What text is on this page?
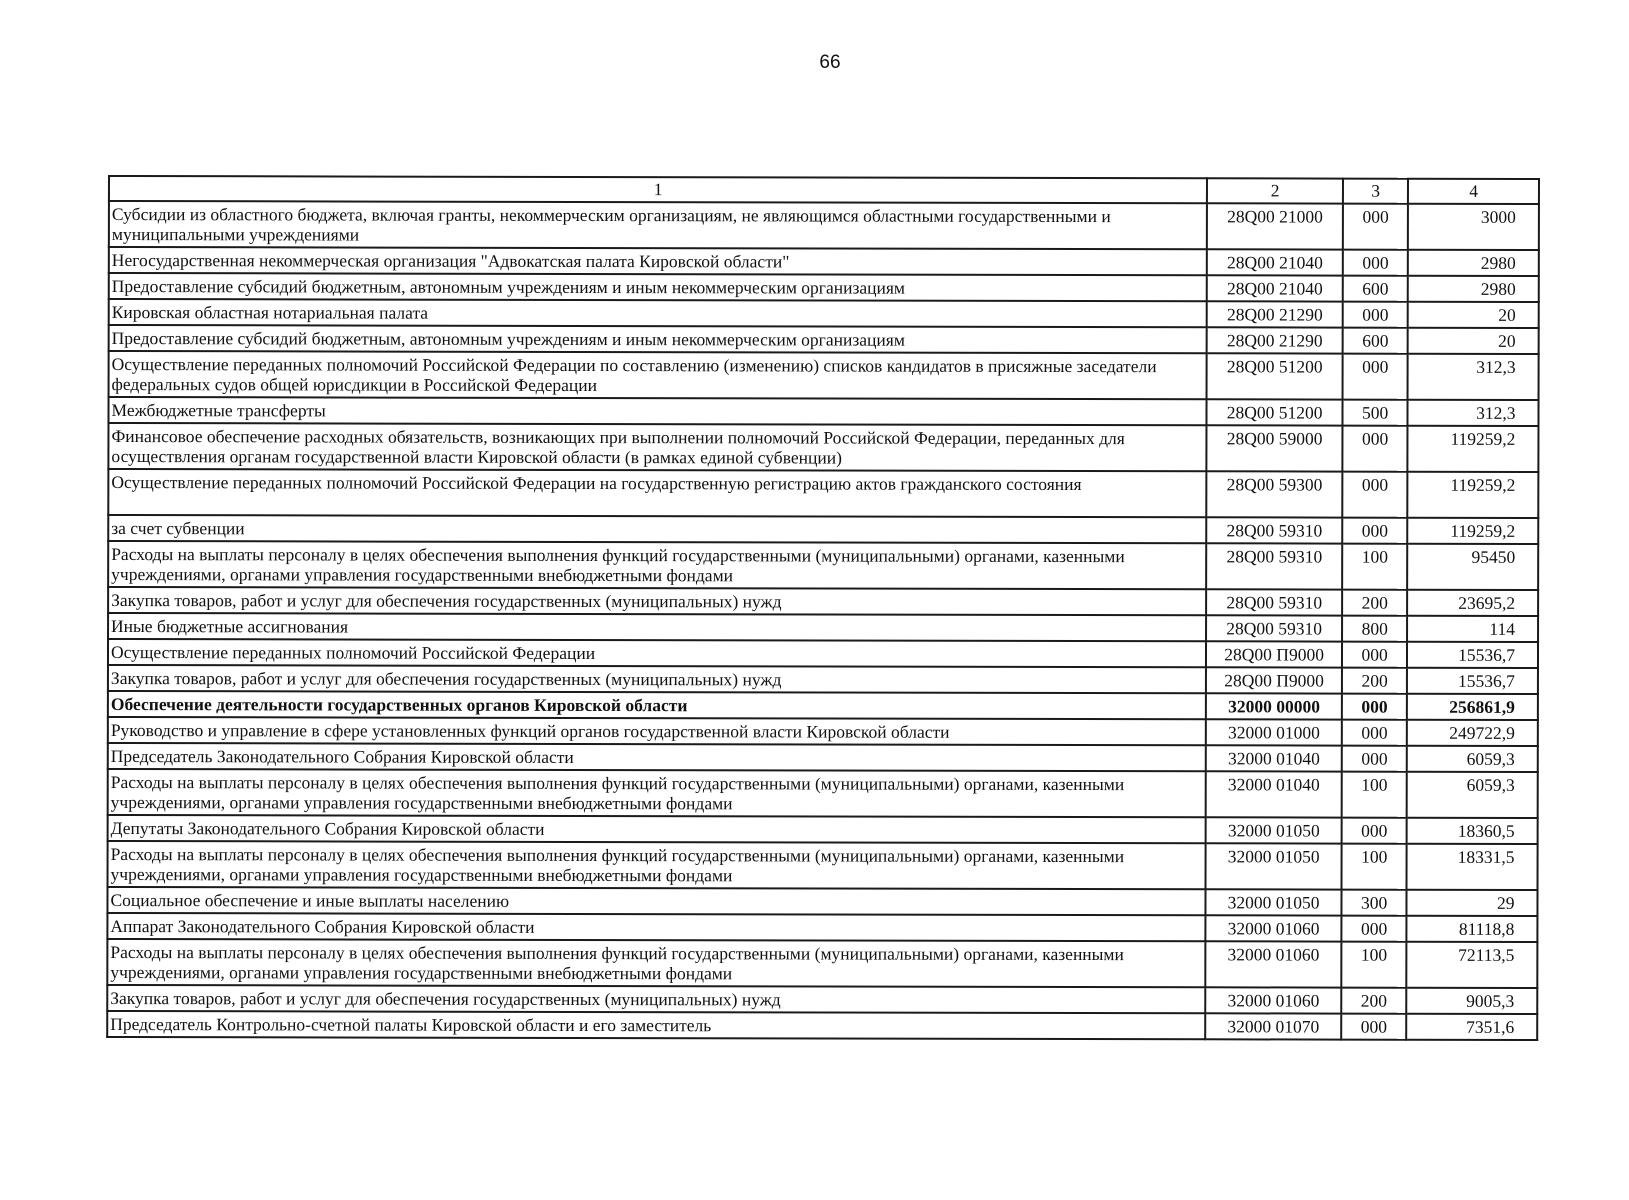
66
1	2	3	4
Субсидии из областного бюджета, включая гранты, некоммерческим организациям, не являющимся областными государственными и муниципальными учреждениями	28Q00 21000	000	3000
Негосударственная некоммерческая организация "Адвокатская палата Кировской области"	28Q00 21040	000	2980
Предоставление субсидий бюджетным, автономным учреждениям и иным некоммерческим организациям	28Q00 21040	600	2980
Кировская областная нотариальная палата	28Q00 21290	000	20
Предоставление субсидий бюджетным, автономным учреждениям и иным некоммерческим организациям	28Q00 21290	600	20
Осуществление переданных полномочий Российской Федерации по составлению (изменению) списков кандидатов в присяжные заседатели федеральных судов общей юрисдикции в Российской Федерации	28Q00 51200	000	312,3
Межбюджетные трансферты	28Q00 51200	500	312,3
Финансовое обеспечение расходных обязательств, возникающих при выполнении полномочий Российской Федерации, переданных для осуществления органам государственной власти Кировской области (в рамках единой субвенции)	28Q00 59000	000	119259,2
Осуществление переданных полномочий Российской Федерации на государственную регистрацию актов гражданского состояния	28Q00 59300	000	119259,2
за счет субвенции	28Q00 59310	000	119259,2
Расходы на выплаты персоналу в целях обеспечения выполнения функций государственными (муниципальными) органами, казенными учреждениями, органами управления государственными внебюджетными фондами	28Q00 59310	100	95450
Закупка товаров, работ и услуг для обеспечения государственных (муниципальных) нужд	28Q00 59310	200	23695,2
Иные бюджетные ассигнования	28Q00 59310	800	114
Осуществление переданных полномочий Российской Федерации	28Q00 П9000	000	15536,7
Закупка товаров, работ и услуг для обеспечения государственных (муниципальных) нужд	28Q00 П9000	200	15536,7
Обеспечение деятельности государственных органов Кировской области	32000 00000	000	256861,9
Руководство и управление в сфере установленных функций органов государственной власти Кировской области	32000 01000	000	249722,9
Председатель Законодательного Собрания Кировской области	32000 01040	000	6059,3
Расходы на выплаты персоналу в целях обеспечения выполнения функций государственными (муниципальными) органами, казенными учреждениями, органами управления государственными внебюджетными фондами	32000 01040	100	6059,3
Депутаты Законодательного Собрания Кировской области	32000 01050	000	18360,5
Расходы на выплаты персоналу в целях обеспечения выполнения функций государственными (муниципальными) органами, казенными учреждениями, органами управления государственными внебюджетными фондами	32000 01050	100	18331,5
Социальное обеспечение и иные выплаты населению	32000 01050	300	29
Аппарат Законодательного Собрания Кировской области	32000 01060	000	81118,8
Расходы на выплаты персоналу в целях обеспечения выполнения функций государственными (муниципальными) органами, казенными учреждениями, органами управления государственными внебюджетными фондами	32000 01060	100	72113,5
Закупка товаров, работ и услуг для обеспечения государственных (муниципальных) нужд	32000 01060	200	9005,3
Председатель Контрольно-счетной палаты Кировской области и его заместитель	32000 01070	000	7351,6
